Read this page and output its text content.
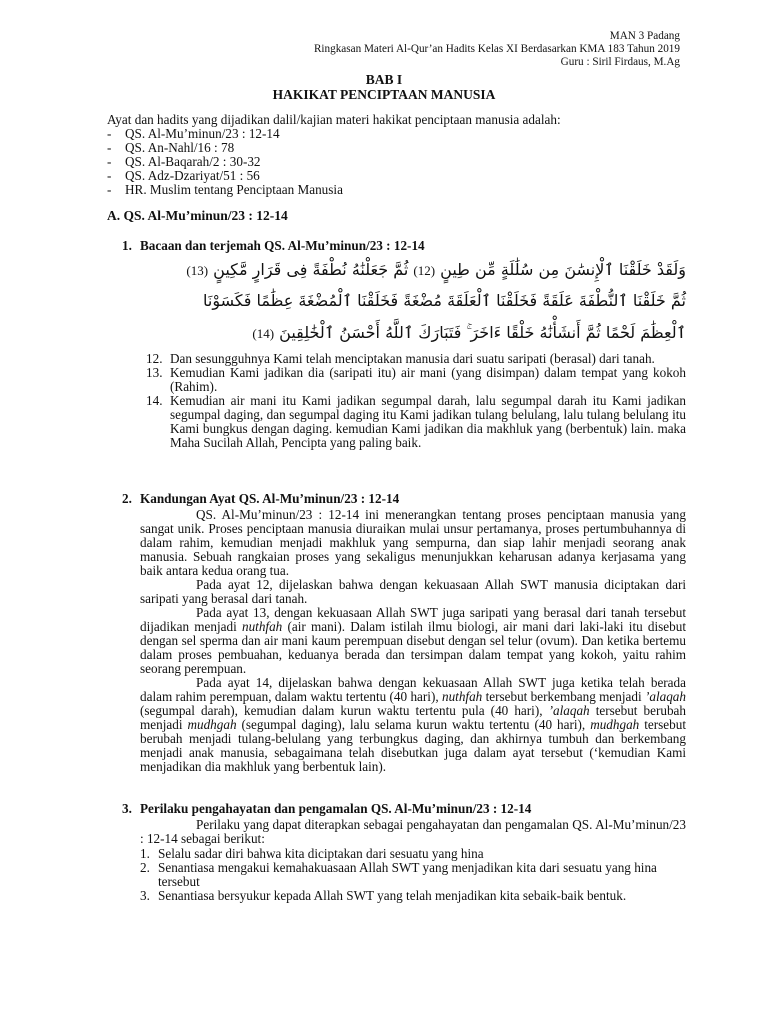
MAN 3 Padang
Ringkasan Materi Al-Qur’an Hadits Kelas XI Berdasarkan KMA 183 Tahun 2019
Guru : Siril Firdaus, M.Ag
BAB I
HAKIKAT PENCIPTAAN MANUSIA
Ayat dan hadits yang dijadikan dalil/kajian materi hakikat penciptaan manusia adalah:
- QS. Al-Mu’minun/23 : 12-14
- QS. An-Nahl/16 : 78
- QS. Al-Baqarah/2 : 30-32
- QS. Adz-Dzariyat/51 : 56
- HR. Muslim tentang Penciptaan Manusia
A. QS. Al-Mu’minun/23 : 12-14
1. Bacaan dan terjemah QS. Al-Mu’minun/23 : 12-14
وَلَقَدْ خَلَقْنَا ٱلْإِنسَٰنَ مِن سُلَٰلَةٍ مِّن طِينٍ (12) ثُمَّ جَعَلْنَٰهُ نُطْفَةً فِى قَرَارٍ مَّكِينٍ (13)
ثُمَّ خَلَقْنَا ٱلنُّطْفَةَ عَلَقَةً فَخَلَقْنَا ٱلْعَلَقَةَ مُضْغَةً فَخَلَقْنَا ٱلْمُضْغَةَ عِظَٰمًا فَكَسَوْنَا
ٱلْعِظَٰمَ لَحْمًا ثُمَّ أَنشَأْنَٰهُ خَلْقًا ءَاخَرَ ۚ فَتَبَارَكَ ٱللَّهُ أَحْسَنُ ٱلْخَٰلِقِينَ (14)
12. Dan sesungguhnya Kami telah menciptakan manusia dari suatu saripati (berasal) dari tanah.
13. Kemudian Kami jadikan dia (saripati itu) air mani (yang disimpan) dalam tempat yang kokoh (Rahim).
14. Kemudian air mani itu Kami jadikan segumpal darah, lalu segumpal darah itu Kami jadikan segumpal daging, dan segumpal daging itu Kami jadikan tulang belulang, lalu tulang belulang itu Kami bungkus dengan daging. kemudian Kami jadikan dia makhluk yang (berbentuk) lain. maka Maha Sucilah Allah, Pencipta yang paling baik.
2. Kandungan Ayat QS. Al-Mu’minun/23 : 12-14

QS. Al-Mu’minun/23 : 12-14 ini menerangkan tentang proses penciptaan manusia yang sangat unik. Proses penciptaan manusia diuraikan mulai unsur pertamanya, proses pertumbuhannya di dalam rahim, kemudian menjadi makhluk yang sempurna, dan siap lahir menjadi seorang anak manusia. Sebuah rangkaian proses yang sekaligus menunjukkan keharusan adanya kerjasama yang baik antara kedua orang tua.

Pada ayat 12, dijelaskan bahwa dengan kekuasaan Allah SWT manusia diciptakan dari saripati yang berasal dari tanah.

Pada ayat 13, dengan kekuasaan Allah SWT juga saripati yang berasal dari tanah tersebut dijadikan menjadi nuthfah (air mani). Dalam istilah ilmu biologi, air mani dari laki-laki itu disebut dengan sel sperma dan air mani kaum perempuan disebut dengan sel telur (ovum). Dan ketika bertemu dalam proses pembuahan, keduanya berada dan tersimpan dalam tempat yang kokoh, yaitu rahim seorang perempuan.

Pada ayat 14, dijelaskan bahwa dengan kekuasaan Allah SWT juga ketika telah berada dalam rahim perempuan, dalam waktu tertentu (40 hari), nuthfah tersebut berkembang menjadi ’alaqah (segumpal darah), kemudian dalam kurun waktu tertentu pula (40 hari), ’alaqah tersebut berubah menjadi mudhgah (segumpal daging), lalu selama kurun waktu tertentu (40 hari), mudhgah tersebut berubah menjadi tulang-belulang yang terbungkus daging, dan akhirnya tumbuh dan berkembang menjadi anak manusia, sebagaimana telah disebutkan juga dalam ayat tersebut (‘kemudian Kami menjadikan dia makhluk yang berbentuk lain).

3. Perilaku pengahayatan dan pengamalan QS. Al-Mu’minun/23 : 12-14

Perilaku yang dapat diterapkan sebagai pengahayatan dan pengamalan QS. Al-Mu’minun/23 : 12-14 sebagai berikut:

1. Selalu sadar diri bahwa kita diciptakan dari sesuatu yang hina
2. Senantiasa mengakui kemahakuasaan Allah SWT yang menjadikan kita dari sesuatu yang hina tersebut
3. Senantiasa bersyukur kepada Allah SWT yang telah menjadikan kita sebaik-baik bentuk.
